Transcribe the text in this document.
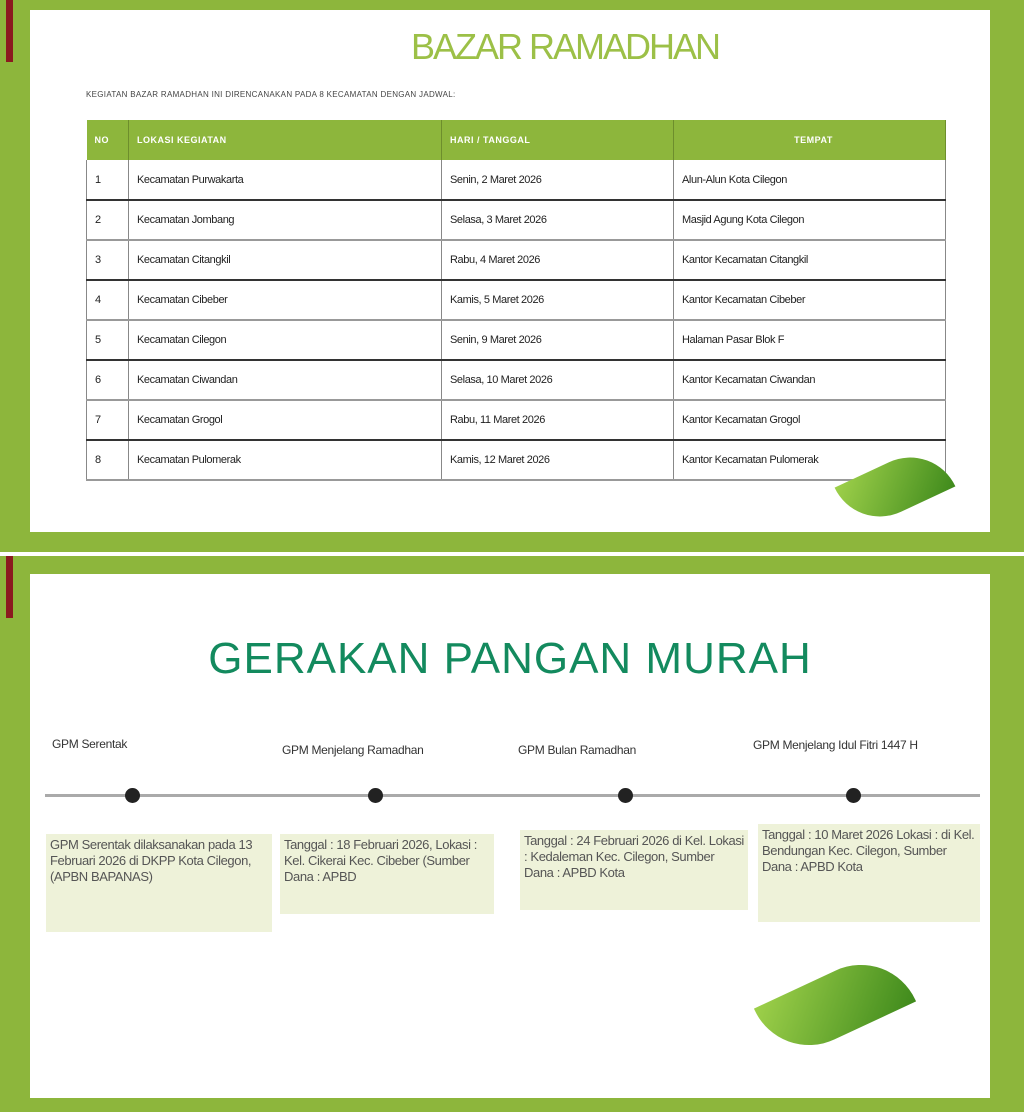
BAZAR RAMADHAN
KEGIATAN BAZAR RAMADHAN INI DIRENCANAKAN PADA 8 KECAMATAN DENGAN JADWAL:
NO	LOKASI KEGIATAN	HARI / TANGGAL	TEMPAT
1	Kecamatan Purwakarta	Senin, 2 Maret 2026	Alun-Alun Kota Cilegon
2	Kecamatan Jombang	Selasa, 3 Maret 2026	Masjid Agung Kota Cilegon
3	Kecamatan Citangkil	Rabu, 4 Maret 2026	Kantor Kecamatan Citangkil
4	Kecamatan Cibeber	Kamis, 5 Maret 2026	Kantor Kecamatan Cibeber
5	Kecamatan Cilegon	Senin, 9 Maret 2026	Halaman Pasar Blok F
6	Kecamatan Ciwandan	Selasa, 10 Maret 2026	Kantor Kecamatan Ciwandan
7	Kecamatan Grogol	Rabu, 11 Maret 2026	Kantor Kecamatan Grogol
8	Kecamatan Pulomerak	Kamis, 12 Maret 2026	Kantor Kecamatan Pulomerak
GERAKAN PANGAN MURAH
GPM Serentak	GPM Menjelang Ramadhan	GPM Bulan Ramadhan	GPM Menjelang Idul Fitri 1447 H
GPM Serentak dilaksanakan pada 13 Februari 2026 di DKPP Kota Cilegon, (APBN BAPANAS)
Tanggal : 18 Februari 2026, Lokasi : Kel. Cikerai Kec. Cibeber (Sumber Dana : APBD
Tanggal : 24 Februari 2026 di Kel. Lokasi : Kedaleman Kec. Cilegon, Sumber Dana : APBD Kota
Tanggal : 10 Maret 2026 Lokasi : di Kel. Bendungan Kec. Cilegon, Sumber Dana : APBD Kota
